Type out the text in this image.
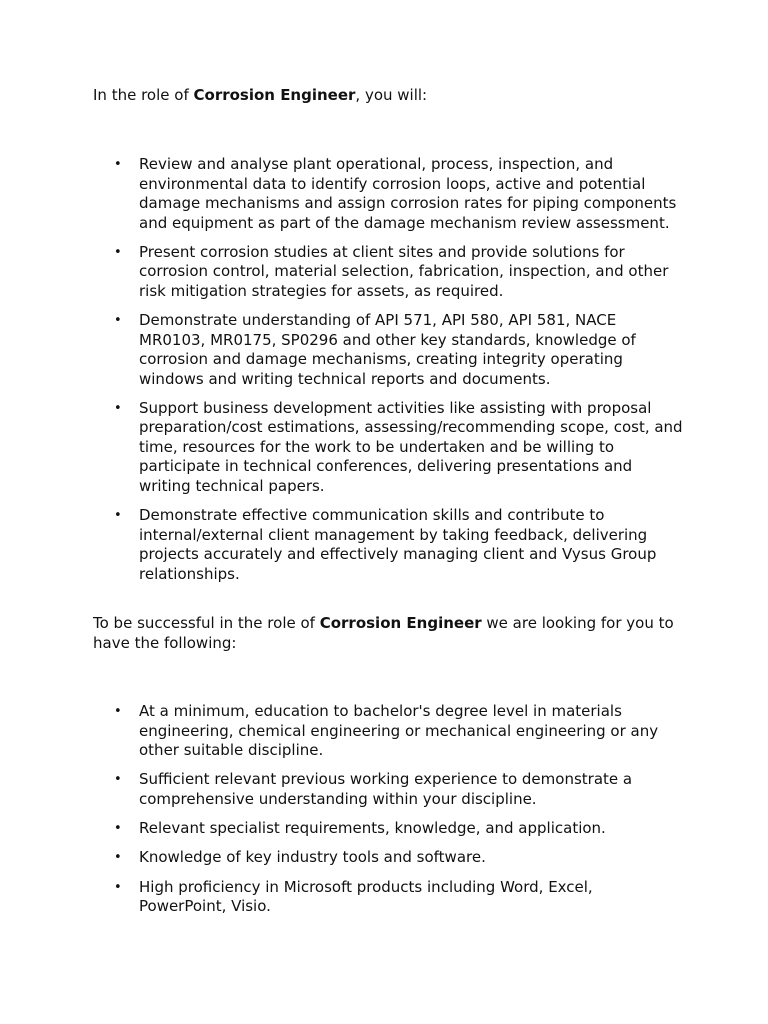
In the role of Corrosion Engineer, you will:

• Review and analyse plant operational, process, inspection, and environmental data to identify corrosion loops, active and potential damage mechanisms and assign corrosion rates for piping components and equipment as part of the damage mechanism review assessment.
• Present corrosion studies at client sites and provide solutions for corrosion control, material selection, fabrication, inspection, and other risk mitigation strategies for assets, as required.
• Demonstrate understanding of API 571, API 580, API 581, NACE MR0103, MR0175, SP0296 and other key standards, knowledge of corrosion and damage mechanisms, creating integrity operating windows and writing technical reports and documents.
• Support business development activities like assisting with proposal preparation/cost estimations, assessing/recommending scope, cost, and time, resources for the work to be undertaken and be willing to participate in technical conferences, delivering presentations and writing technical papers.
• Demonstrate effective communication skills and contribute to internal/external client management by taking feedback, delivering projects accurately and effectively managing client and Vysus Group relationships.

To be successful in the role of Corrosion Engineer we are looking for you to have the following:

• At a minimum, education to bachelor's degree level in materials engineering, chemical engineering or mechanical engineering or any other suitable discipline.
• Sufficient relevant previous working experience to demonstrate a comprehensive understanding within your discipline.
• Relevant specialist requirements, knowledge, and application.
• Knowledge of key industry tools and software.
• High proficiency in Microsoft products including Word, Excel, PowerPoint, Visio.
